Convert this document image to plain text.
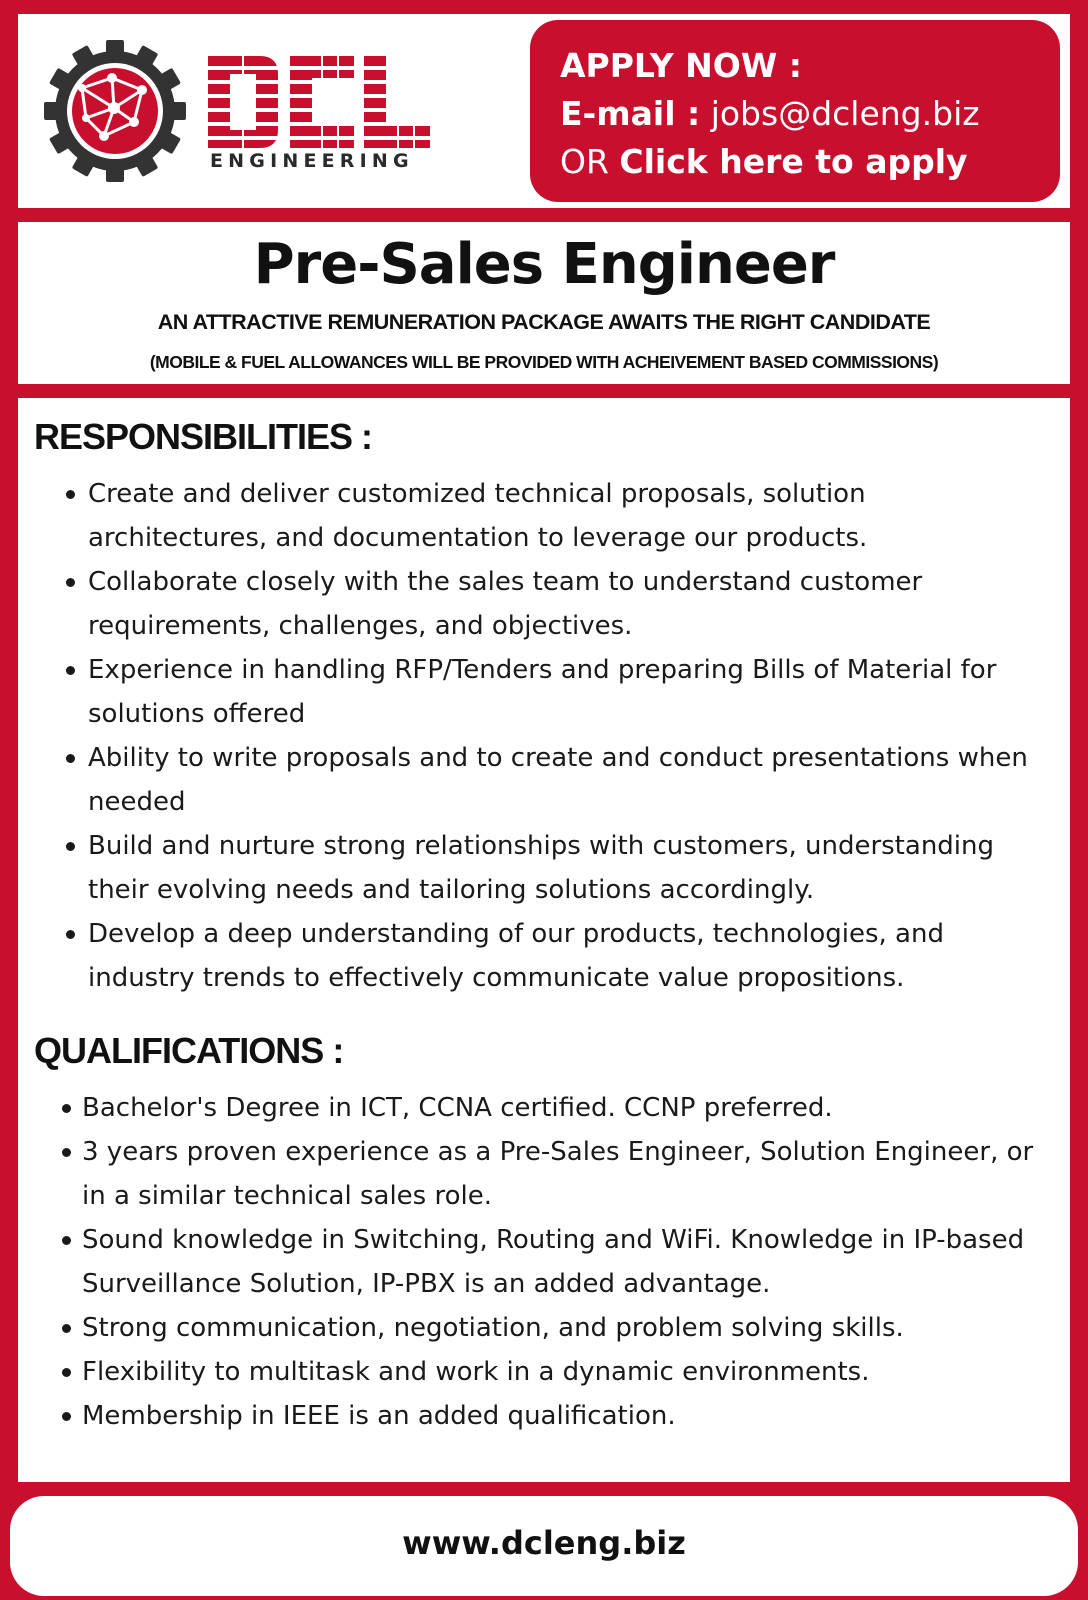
ENGINEERING
APPLY NOW :
E-mail : jobs@dcleng.biz
OR Click here to apply
Pre-Sales Engineer
AN ATTRACTIVE REMUNERATION PACKAGE AWAITS THE RIGHT CANDIDATE
(MOBILE & FUEL ALLOWANCES WILL BE PROVIDED WITH ACHEIVEMENT BASED COMMISSIONS)
RESPONSIBILITIES :
Create and deliver customized technical proposals, solution
architectures, and documentation to leverage our products.
Collaborate closely with the sales team to understand customer
requirements, challenges, and objectives.
Experience in handling RFP/Tenders and preparing Bills of Material for
solutions offered
Ability to write proposals and to create and conduct presentations when
needed
Build and nurture strong relationships with customers, understanding
their evolving needs and tailoring solutions accordingly.
Develop a deep understanding of our products, technologies, and
industry trends to effectively communicate value propositions.
QUALIFICATIONS :
Bachelor's Degree in ICT, CCNA certified. CCNP preferred.
3 years proven experience as a Pre-Sales Engineer, Solution Engineer, or
in a similar technical sales role.
Sound knowledge in Switching, Routing and WiFi. Knowledge in IP-based
Surveillance Solution, IP-PBX is an added advantage.
Strong communication, negotiation, and problem solving skills.
Flexibility to multitask and work in a dynamic environments.
Membership in IEEE is an added qualification.
www.dcleng.biz
